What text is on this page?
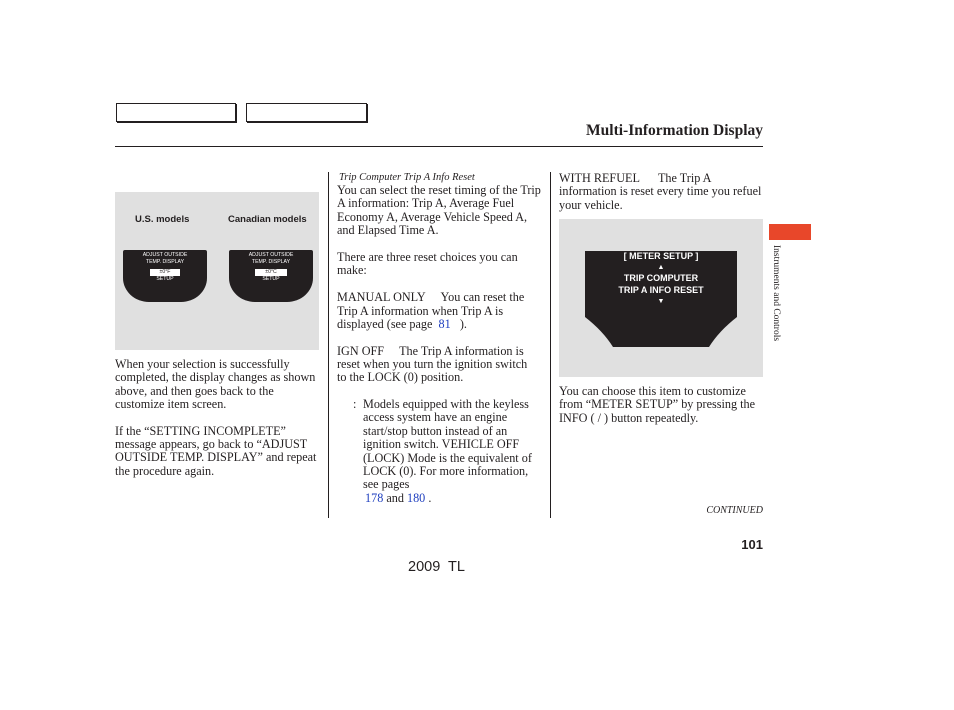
Multi-Information Display
U.S. models	Canadian models
ADJUST OUTSIDE
TEMP. DISPLAY
±0°F
SETUP
ADJUST OUTSIDE
TEMP. DISPLAY
±0°C
SETUP

When your selection is successfully completed, the display changes as shown above, and then goes back to the customize item screen.

If the “SETTING INCOMPLETE” message appears, go back to “ADJUST OUTSIDE TEMP. DISPLAY” and repeat the procedure again.

Trip Computer Trip A Info Reset

You can select the reset timing of the Trip A information: Trip A, Average Fuel Economy A, Average Vehicle Speed A, and Elapsed Time A.

There are three reset choices you can make:

MANUAL ONLY You can reset the Trip A information when Trip A is displayed (see page 81 ).

IGN OFF The Trip A information is reset when you turn the ignition switch   to the LOCK (0) position.

: Models equipped with the keyless access system have an engine start/stop button instead of an ignition switch. VEHICLE OFF (LOCK) Mode is the equivalent of LOCK (0). For more information, see pages
178 and 180 .

WITH REFUEL The Trip A information is reset every time you refuel your vehicle.

[ METER SETUP ]
▲
TRIP COMPUTER
TRIP A INFO RESET
▼

You can choose this item to customize from “METER SETUP” by pressing the INFO ( / ) button repeatedly.

CONTINUED
Instruments and Controls
101
2009  TL
